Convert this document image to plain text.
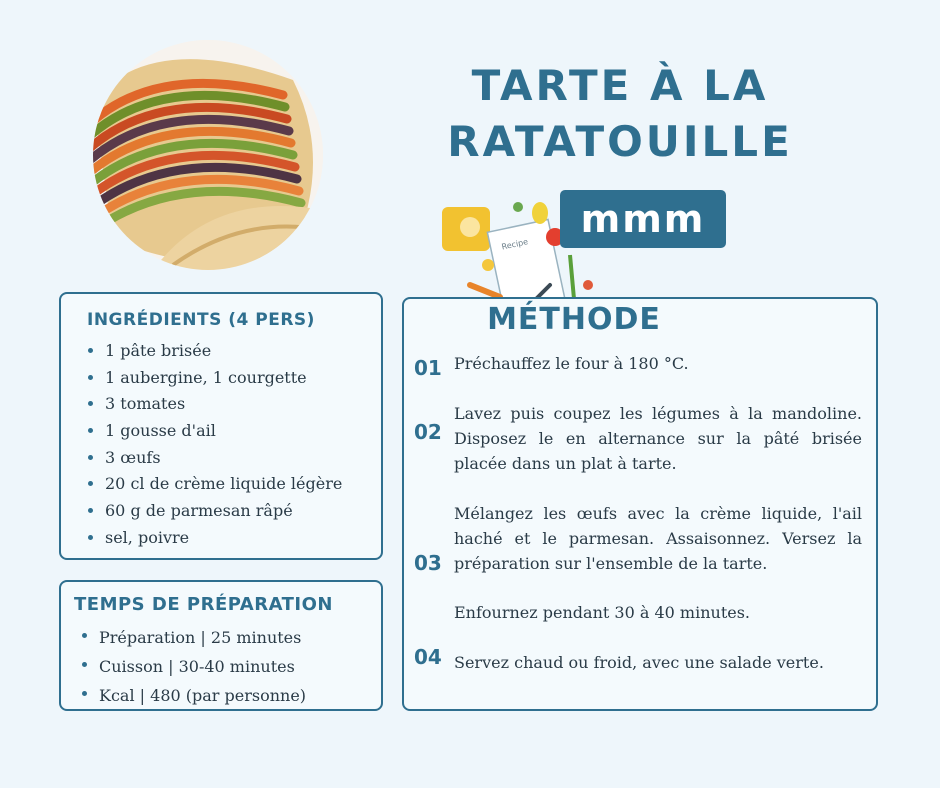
TARTE À LA RATATOUILLE
Recipe
mmm
INGRÉDIENTS (4 PERS)
1 pâte brisée
1 aubergine, 1 courgette
3 tomates
1 gousse d'ail
3 œufs
20 cl de crème liquide légère
60 g de parmesan râpé
sel, poivre
TEMPS DE PRÉPARATION
Préparation | 25 minutes
Cuisson | 30-40 minutes
Kcal | 480 (par personne)
MÉTHODE
01 Préchauffez le four à 180 °C.
02
Lavez puis coupez les légumes à la mandoline. Disposez le en alternance sur la pâté brisée placée dans un plat à tarte.
03
Mélangez les œufs avec la crème liquide, l'ail haché et le parmesan. Assaisonnez. Versez la préparation sur l'ensemble de la tarte.
Enfournez pendant 30 à 40 minutes.
04 Servez chaud ou froid, avec une salade verte.
